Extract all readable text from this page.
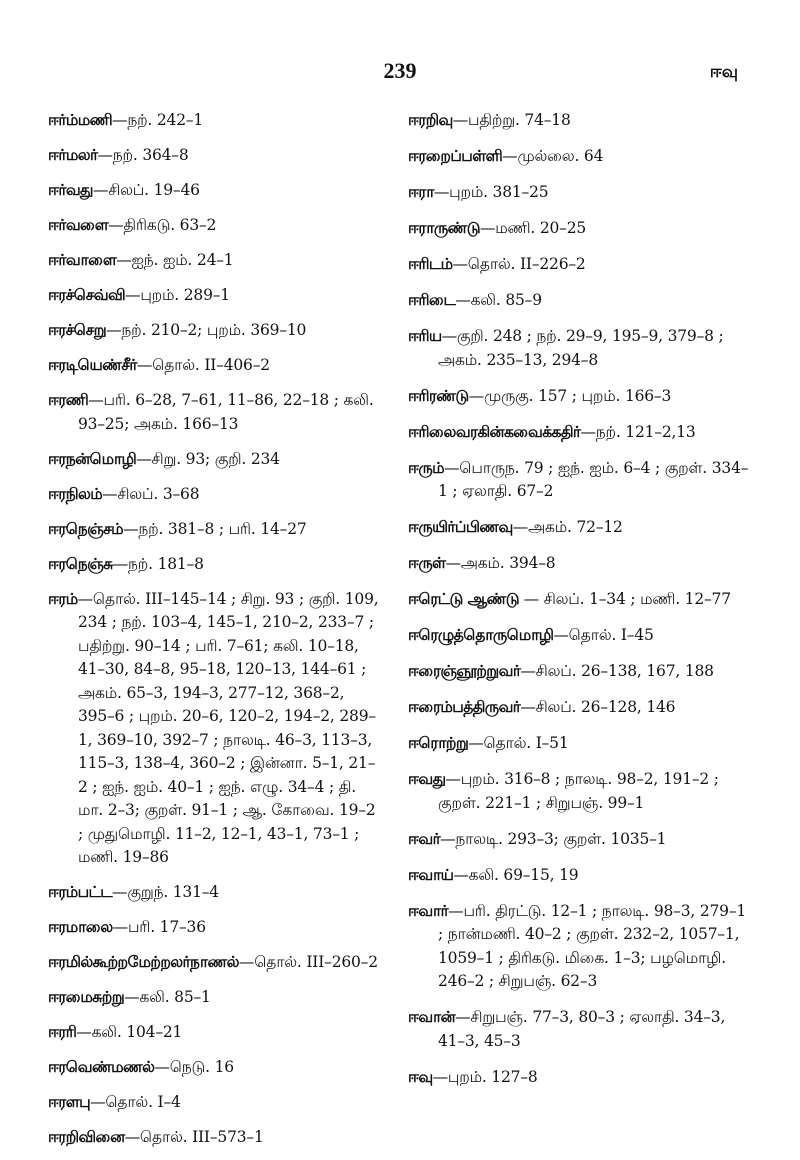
239	ஈவு
ஈர்ம்மணி—நற். 242–1
ஈர்மலர்—நற். 364–8
ஈர்வது—சிலப். 19–46
ஈர்வளை—திரிகடு. 63–2
ஈர்வாளை—ஐந். ஐம். 24–1
ஈரச்செவ்வி—புறம். 289–1
ஈரச்செறு—நற். 210–2; புறம். 369–10
ஈரடியெண்சீர்—தொல். II–406–2
ஈரணி—பரி. 6–28, 7–61, 11–86, 22–18 ; கலி. 93–25; அகம். 166–13
ஈரநன்மொழி—சிறு. 93; குறி. 234
ஈரநிலம்—சிலப். 3–68
ஈரநெஞ்சம்—நற். 381–8 ; பரி. 14–27
ஈரநெஞ்சு—நற். 181–8
ஈரம்—தொல். III–145–14 ; சிறு. 93 ; குறி. 109, 234 ; நற். 103–4, 145–1, 210–2, 233–7 ; பதிற்று. 90–14 ; பரி. 7–61; கலி. 10–18, 41–30, 84–8, 95–18, 120–13, 144–61 ; அகம். 65–3, 194–3, 277–12, 368–2, 395–6 ; புறம். 20–6, 120–2, 194–2, 289–1, 369–10, 392–7 ; நாலடி. 46–3, 113–3, 115–3, 138–4, 360–2 ; இன்னா. 5–1, 21–2 ; ஐந். ஐம். 40–1 ; ஐந். எழு. 34–4 ; தி. மா. 2–3; குறள். 91–1 ; ஆ. கோவை. 19–2 ; முதுமொழி. 11–2, 12–1, 43–1, 73–1 ; மணி. 19–86
ஈரம்பட்ட—குறுந். 131–4
ஈரமாலை—பரி. 17–36
ஈரமில்கூற்றமேற்றலர்நாணல்—தொல். III–260–2
ஈரமைசுற்று—கலி. 85–1
ஈரரி—கலி. 104–21
ஈரவெண்மணல்—நெடு. 16
ஈரளபு—தொல். I–4
ஈரறிவினை—தொல். III–573–1
ஈரறிவு—பதிற்று. 74–18
ஈரறைப்பள்ளி—முல்லை. 64
ஈரா—புறம். 381–25
ஈராருண்டு—மணி. 20–25
ஈரிடம்—தொல். II–226–2
ஈரிடை—கலி. 85–9
ஈரிய—குறி. 248 ; நற். 29–9, 195–9, 379–8 ; அகம். 235–13, 294–8
ஈரிரண்டு—முருகு. 157 ; புறம். 166–3
ஈரிலைவரகின்கவைக்கதிர்—நற். 121–2,13
ஈரும்—பொருந. 79 ; ஐந். ஐம். 6–4 ; குறள். 334–1 ; ஏலாதி. 67–2
ஈருயிர்ப்பிணவு—அகம். 72–12
ஈருள்—அகம். 394–8
ஈரெட்டு ஆண்டு — சிலப். 1–34 ; மணி. 12–77
ஈரெழுத்தொருமொழி—தொல். I–45
ஈரைஞ்ஞூற்றுவர்—சிலப். 26–138, 167, 188
ஈரைம்பத்திருவர்—சிலப். 26–128, 146
ஈரொற்று—தொல். I–51
ஈவது—புறம். 316–8 ; நாலடி. 98–2, 191–2 ; குறள். 221–1 ; சிறுபஞ். 99–1
ஈவர்—நாலடி. 293–3; குறள். 1035–1
ஈவாய்—கலி. 69–15, 19
ஈவார்—பரி. திரட்டு. 12–1 ; நாலடி. 98–3, 279–1 ; நான்மணி. 40–2 ; குறள். 232–2, 1057–1, 1059–1 ; திரிகடு. மிகை. 1–3; பழமொழி. 246–2 ; சிறுபஞ். 62–3
ஈவான்—சிறுபஞ். 77–3, 80–3 ; ஏலாதி. 34–3, 41–3, 45–3
ஈவு—புறம். 127–8
